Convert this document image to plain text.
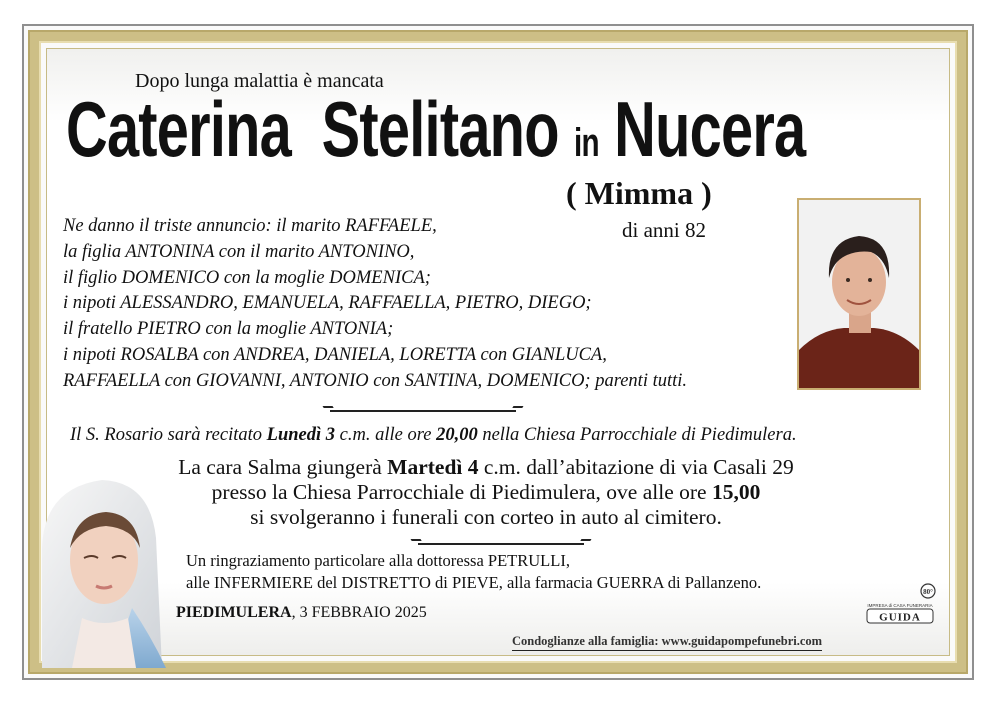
Dopo lunga malattia è mancata
Caterina Stelitano in Nucera
( Mimma )
di anni 82
Ne danno il triste annuncio: il marito RAFFAELE,
la figlia ANTONINA con il marito ANTONINO,
il figlio DOMENICO con la moglie DOMENICA;
i nipoti ALESSANDRO, EMANUELA, RAFFAELLA, PIETRO, DIEGO;
il fratello PIETRO con la moglie ANTONIA;
i nipoti ROSALBA con ANDREA, DANIELA, LORETTA con GIANLUCA,
RAFFAELLA con GIOVANNI, ANTONIO con SANTINA, DOMENICO; parenti tutti.
Il S. Rosario sarà recitato Lunedì 3 c.m. alle ore 20,00 nella Chiesa Parrocchiale di Piedimulera.
La cara Salma giungerà Martedì 4 c.m. dall’abitazione di via Casali 29
presso la Chiesa Parrocchiale di Piedimulera, ove alle ore 15,00
si svolgeranno i funerali con corteo in auto al cimitero.
Un ringraziamento particolare alla dottoressa PETRULLI,
alle INFERMIERE del DISTRETTO di PIEVE, alla farmacia GUERRA di Pallanzeno.
PIEDIMULERA, 3 FEBBRAIO 2025
Condoglianze alla famiglia: www.guidapompefunebri.com
80°
IMPRESA di CASA FUNERARIA
GUIDA
